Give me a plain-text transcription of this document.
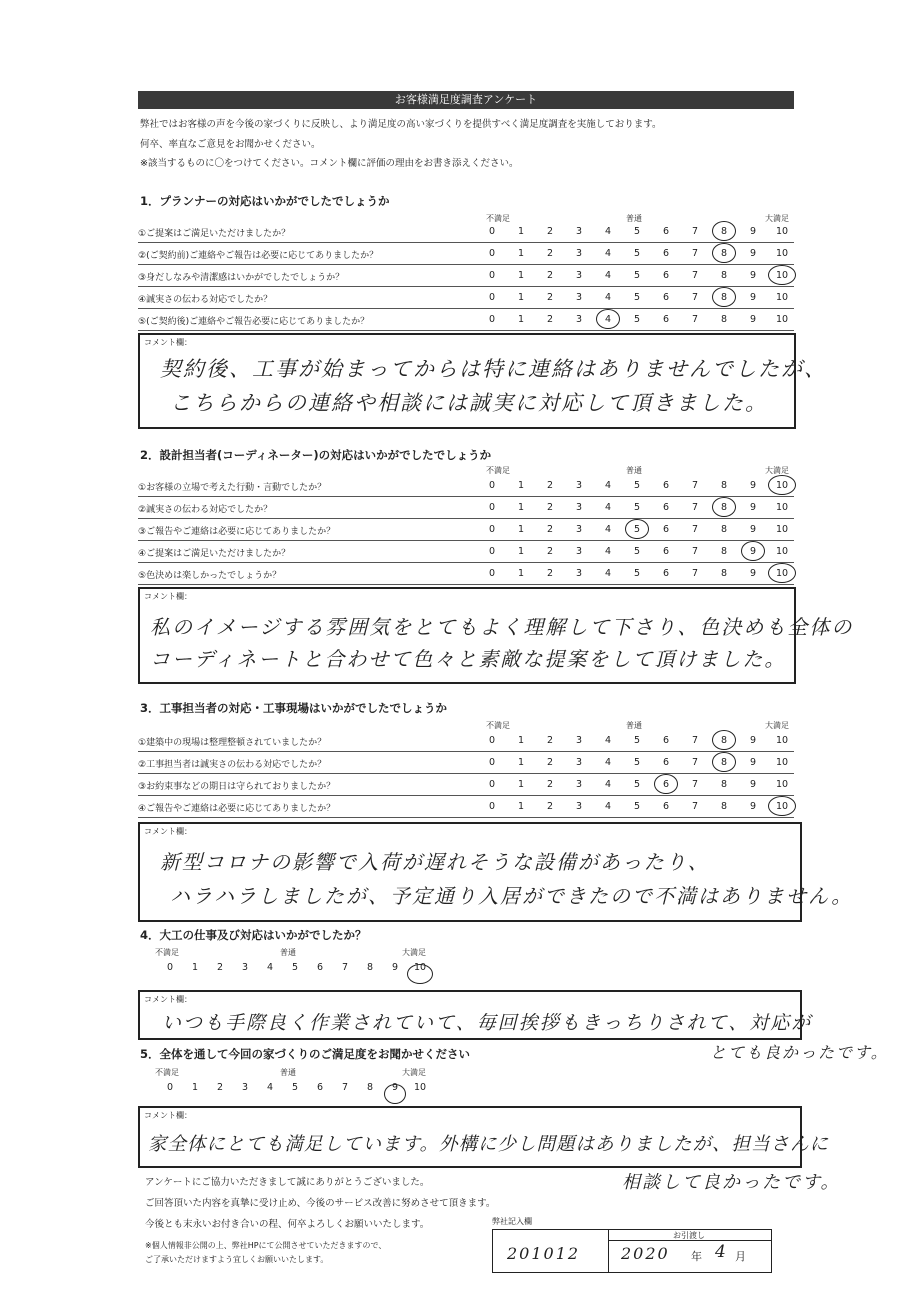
お客様満足度調査アンケート
弊社ではお客様の声を今後の家づくりに反映し、より満足度の高い家づくりを提供すべく満足度調査を実施しております。
何卒、率直なご意見をお聞かせください。
※該当するものに〇をつけてください。コメント欄に評価の理由をお書き添えください。
1．プランナーの対応はいかがでしたでしょうか
不満足	普通	大満足
①ご提案はご満足いただけましたか？	0	1	2	3	4	5	6	7	8	9	10
②(ご契約前)ご連絡やご報告は必要に応じてありましたか？	0	1	2	3	4	5	6	7	8	9	10
③身だしなみや清潔感はいかがでしたでしょうか？	0	1	2	3	4	5	6	7	8	9	10
④誠実さの伝わる対応でしたか？	0	1	2	3	4	5	6	7	8	9	10
⑤(ご契約後)ご連絡やご報告必要に応じてありましたか？	0	1	2	3	4	5	6	7	8	9	10
コメント欄：
契約後、工事が始まってからは特に連絡はありませんでしたが、
こちらからの連絡や相談には誠実に対応して頂きました。
2．設計担当者(コーディネーター)の対応はいかがでしたでしょうか
不満足	普通	大満足
①お客様の立場で考えた行動・言動でしたか？	0	1	2	3	4	5	6	7	8	9	10
②誠実さの伝わる対応でしたか？	0	1	2	3	4	5	6	7	8	9	10
③ご報告やご連絡は必要に応じてありましたか？	0	1	2	3	4	5	6	7	8	9	10
④ご提案はご満足いただけましたか？	0	1	2	3	4	5	6	7	8	9	10
⑤色決めは楽しかったでしょうか？	0	1	2	3	4	5	6	7	8	9	10
コメント欄：
私のイメージする雰囲気をとてもよく理解して下さり、色決めも全体の
コーディネートと合わせて色々と素敵な提案をして頂けました。
3．工事担当者の対応・工事現場はいかがでしたでしょうか
不満足	普通	大満足
①建築中の現場は整理整頓されていましたか？	0	1	2	3	4	5	6	7	8	9	10
②工事担当者は誠実さの伝わる対応でしたか？	0	1	2	3	4	5	6	7	8	9	10
③お約束事などの期日は守られておりましたか？	0	1	2	3	4	5	6	7	8	9	10
④ご報告やご連絡は必要に応じてありましたか？	0	1	2	3	4	5	6	7	8	9	10
コメント欄：
新型コロナの影響で入荷が遅れそうな設備があったり、
ハラハラしましたが、予定通り入居ができたので不満はありません。
4．大工の仕事及び対応はいかがでしたか？
不満足	普通	大満足
0	1	2	3	4	5	6	7	8	9	10
コメント欄：
いつも手際良く作業されていて、毎回挨拶もきっちりされて、対応が
とても良かったです。
5．全体を通して今回の家づくりのご満足度をお聞かせください
不満足	普通	大満足
0	1	2	3	4	5	6	7	8	9	10
コメント欄：
家全体にとても満足しています。外構に少し問題はありましたが、担当さんに
相談して良かったです。
アンケートにご協力いただきまして誠にありがとうございました。
ご回答頂いた内容を真摯に受け止め、今後のサービス改善に努めさせて頂きます。
今後とも末永いお付き合いの程、何卒よろしくお願いいたします。
※個人情報非公開の上、弊社HPにて公開させていただきますので、
ご了承いただけますよう宜しくお願いいたします。
弊社記入欄
お引渡し
201012	2020 年 4 月
